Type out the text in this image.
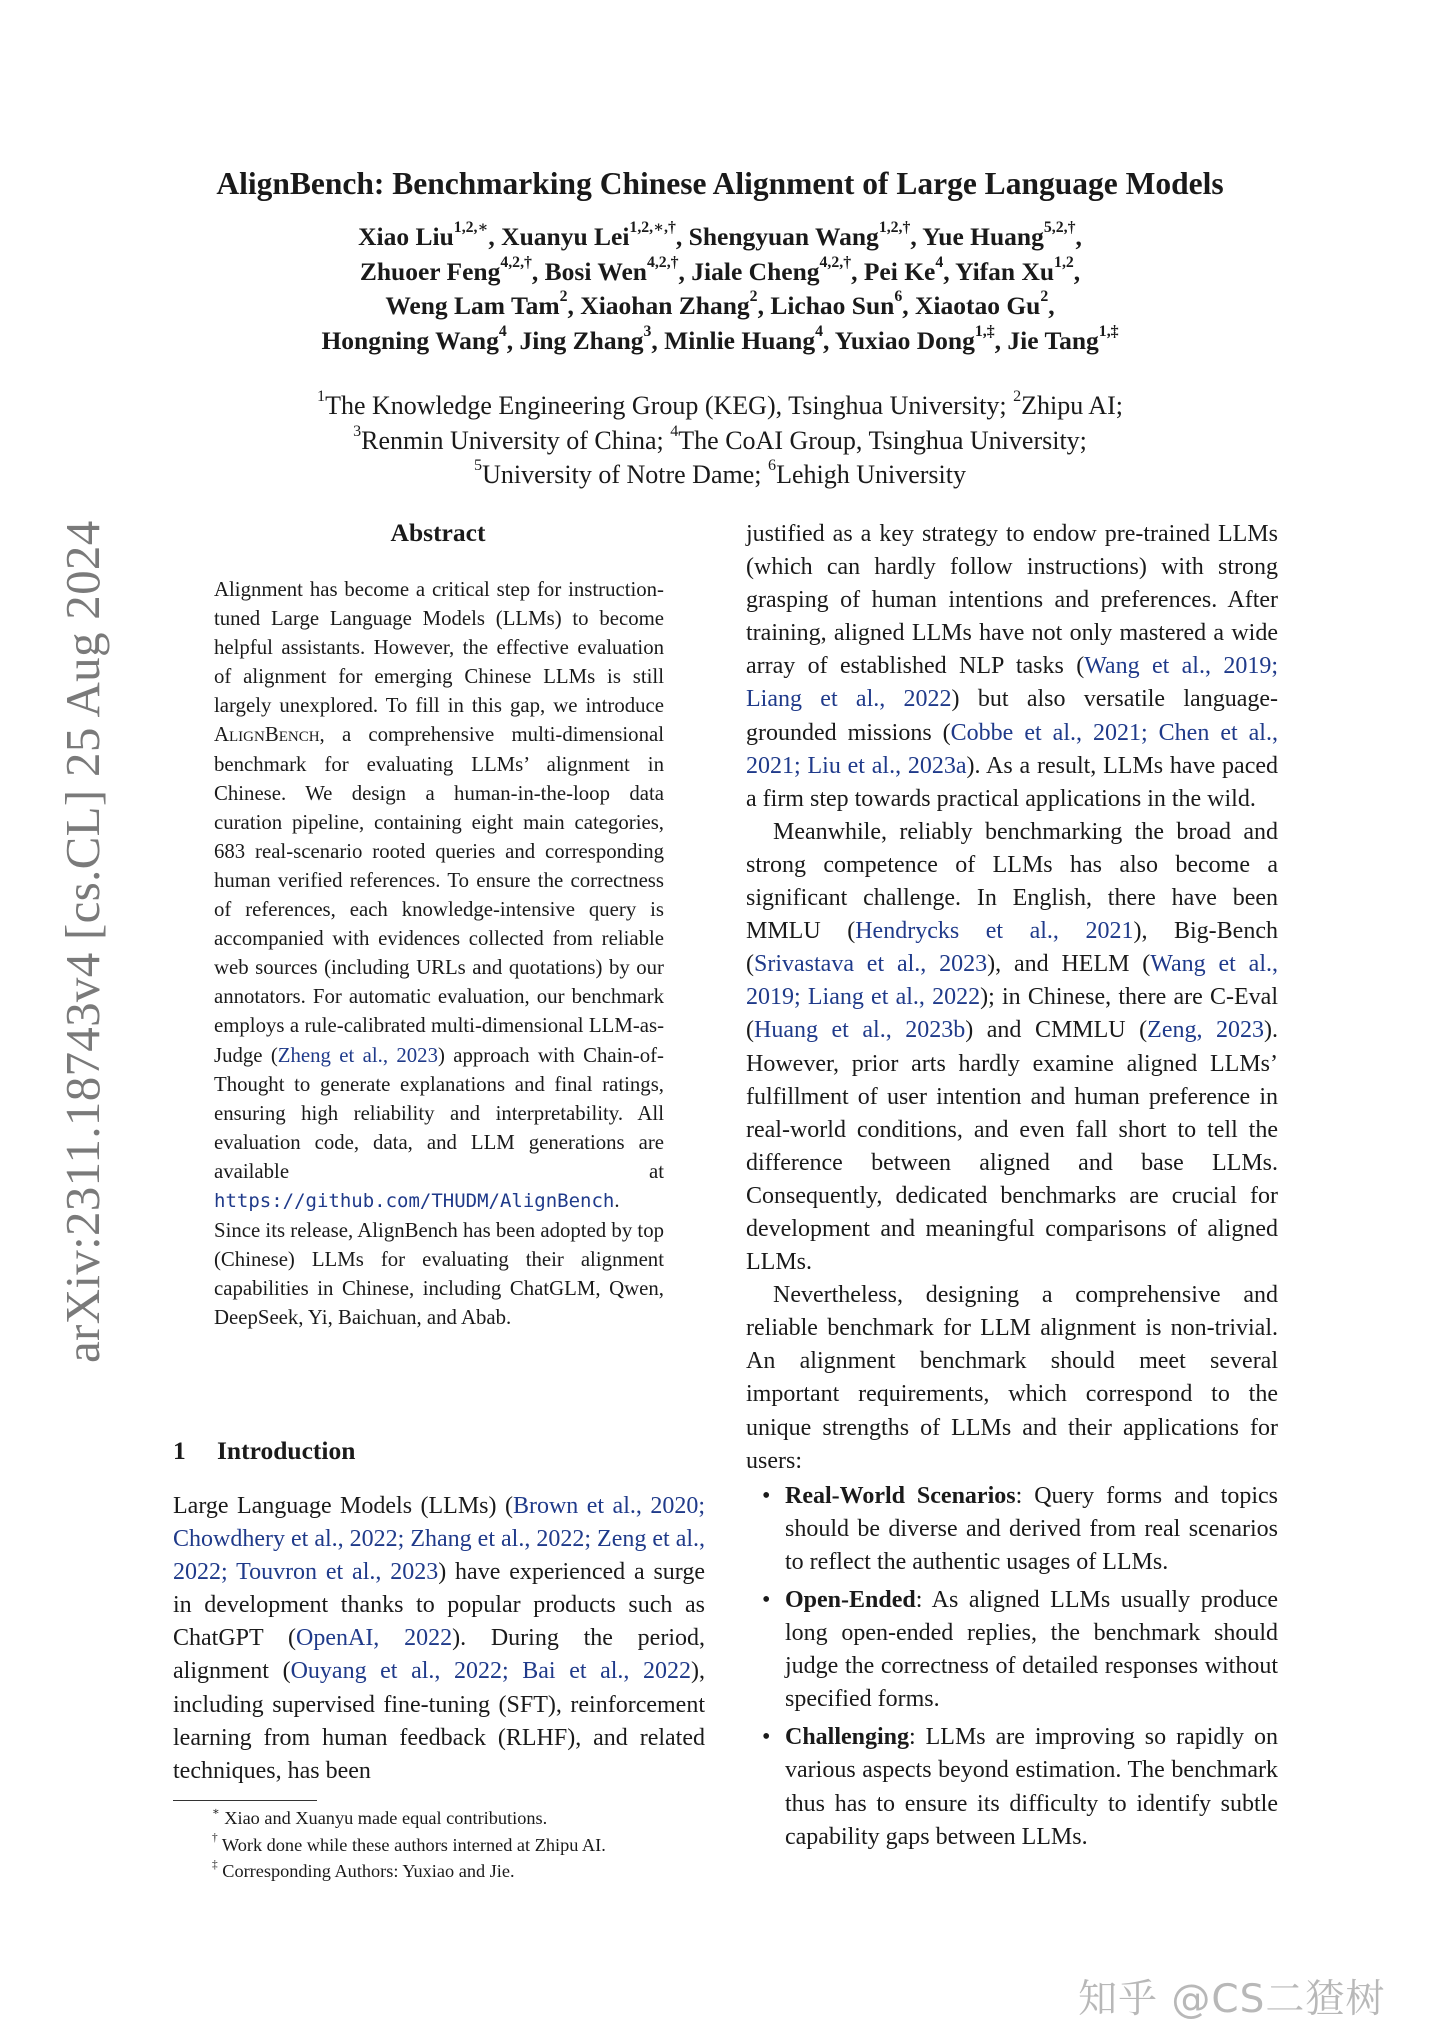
AlignBench: Benchmarking Chinese Alignment of Large Language Models
Xiao Liu$^{1,2,∗}$, Xuanyu Lei$^{1,2,∗,\dagger}$, Shengyuan Wang$^{1,2,\dagger}$, Yue Huang$^{5,2,\dagger}$,
Zhuoer Feng$^{4,2,\dagger}$, Bosi Wen$^{4,2,\dagger}$, Jiale Cheng$^{4,2,\dagger}$, Pei Ke$^4$, Yifan Xu$^{1,2}$,
Weng Lam Tam$^2$, Xiaohan Zhang$^2$, Lichao Sun$^6$, Xiaotao Gu$^2$,
Hongning Wang$^4$, Jing Zhang$^3$, Minlie Huang$^4$, Yuxiao Dong$^{1,\ddagger}$, Jie Tang$^{1,\ddagger}$
$^1$The Knowledge Engineering Group (KEG), Tsinghua University; $^2$Zhipu AI;
$^3$Renmin University of China; $^4$The CoAI Group, Tsinghua University;
$^5$University of Notre Dame; $^6$Lehigh University
arXiv:2311.18743v4 [cs.CL] 25 Aug 2024	Abstract
Alignment has become a critical step for instruction-tuned Large Language Models (LLMs) to become helpful assistants. However, the effective evaluation of alignment for emerging Chinese LLMs is still largely unexplored. To fill in this gap, we introduce AlignBench, a comprehensive multi-dimensional benchmark for evaluating LLMs’ alignment in Chinese. We design a human-in-the-loop data curation pipeline, containing eight main categories, 683 real-scenario rooted queries and corresponding human verified references. To ensure the correctness of references, each knowledge-intensive query is accompanied with evidences collected from reliable web sources (including URLs and quotations) by our annotators. For automatic evaluation, our benchmark employs a rule-calibrated multi-dimensional LLM-as-Judge (Zheng et al., 2023) approach with Chain-of-Thought to generate explanations and final ratings, ensuring high reliability and interpretability. All evaluation code, data, and LLM generations are available at https://github.com/THUDM/AlignBench. Since its release, AlignBench has been adopted by top (Chinese) LLMs for evaluating their alignment capabilities in Chinese, including ChatGLM, Qwen, DeepSeek, Yi, Baichuan, and Abab.
1 Introduction
Large Language Models (LLMs) (Brown et al., 2020; Chowdhery et al., 2022; Zhang et al., 2022; Zeng et al., 2022; Touvron et al., 2023) have experienced a surge in development thanks to popular products such as ChatGPT (OpenAI, 2022). During the period, alignment (Ouyang et al., 2022; Bai et al., 2022), including supervised fine-tuning (SFT), reinforcement learning from human feedback (RLHF), and related techniques, has been

justified as a key strategy to endow pre-trained LLMs (which can hardly follow instructions) with strong grasping of human intentions and preferences. After training, aligned LLMs have not only mastered a wide array of established NLP tasks (Wang et al., 2019; Liang et al., 2022) but also versatile language-grounded missions (Cobbe et al., 2021; Chen et al., 2021; Liu et al., 2023a). As a result, LLMs have paced a firm step towards practical applications in the wild.

Meanwhile, reliably benchmarking the broad and strong competence of LLMs has also become a significant challenge. In English, there have been MMLU (Hendrycks et al., 2021), Big-Bench (Srivastava et al., 2023), and HELM (Wang et al., 2019; Liang et al., 2022); in Chinese, there are C-Eval (Huang et al., 2023b) and CMMLU (Zeng, 2023). However, prior arts hardly examine aligned LLMs’ fulfillment of user intention and human preference in real-world conditions, and even fall short to tell the difference between aligned and base LLMs. Consequently, dedicated benchmarks are crucial for development and meaningful comparisons of aligned LLMs.

Nevertheless, designing a comprehensive and reliable benchmark for LLM alignment is non-trivial. An alignment benchmark should meet several important requirements, which correspond to the unique strengths of LLMs and their applications for users:

• Real-World Scenarios: Query forms and topics should be diverse and derived from real scenarios to reflect the authentic usages of LLMs.
• Open-Ended: As aligned LLMs usually produce long open-ended replies, the benchmark should judge the correctness of detailed responses without specified forms.
• Challenging: LLMs are improving so rapidly on various aspects beyond estimation. The benchmark thus has to ensure its difficulty to identify subtle capability gaps between LLMs.
∗ Xiao and Xuanyu made equal contributions.
† Work done while these authors interned at Zhipu AI.
‡ Corresponding Authors: Yuxiao and Jie.
知乎 @CS二猹树
